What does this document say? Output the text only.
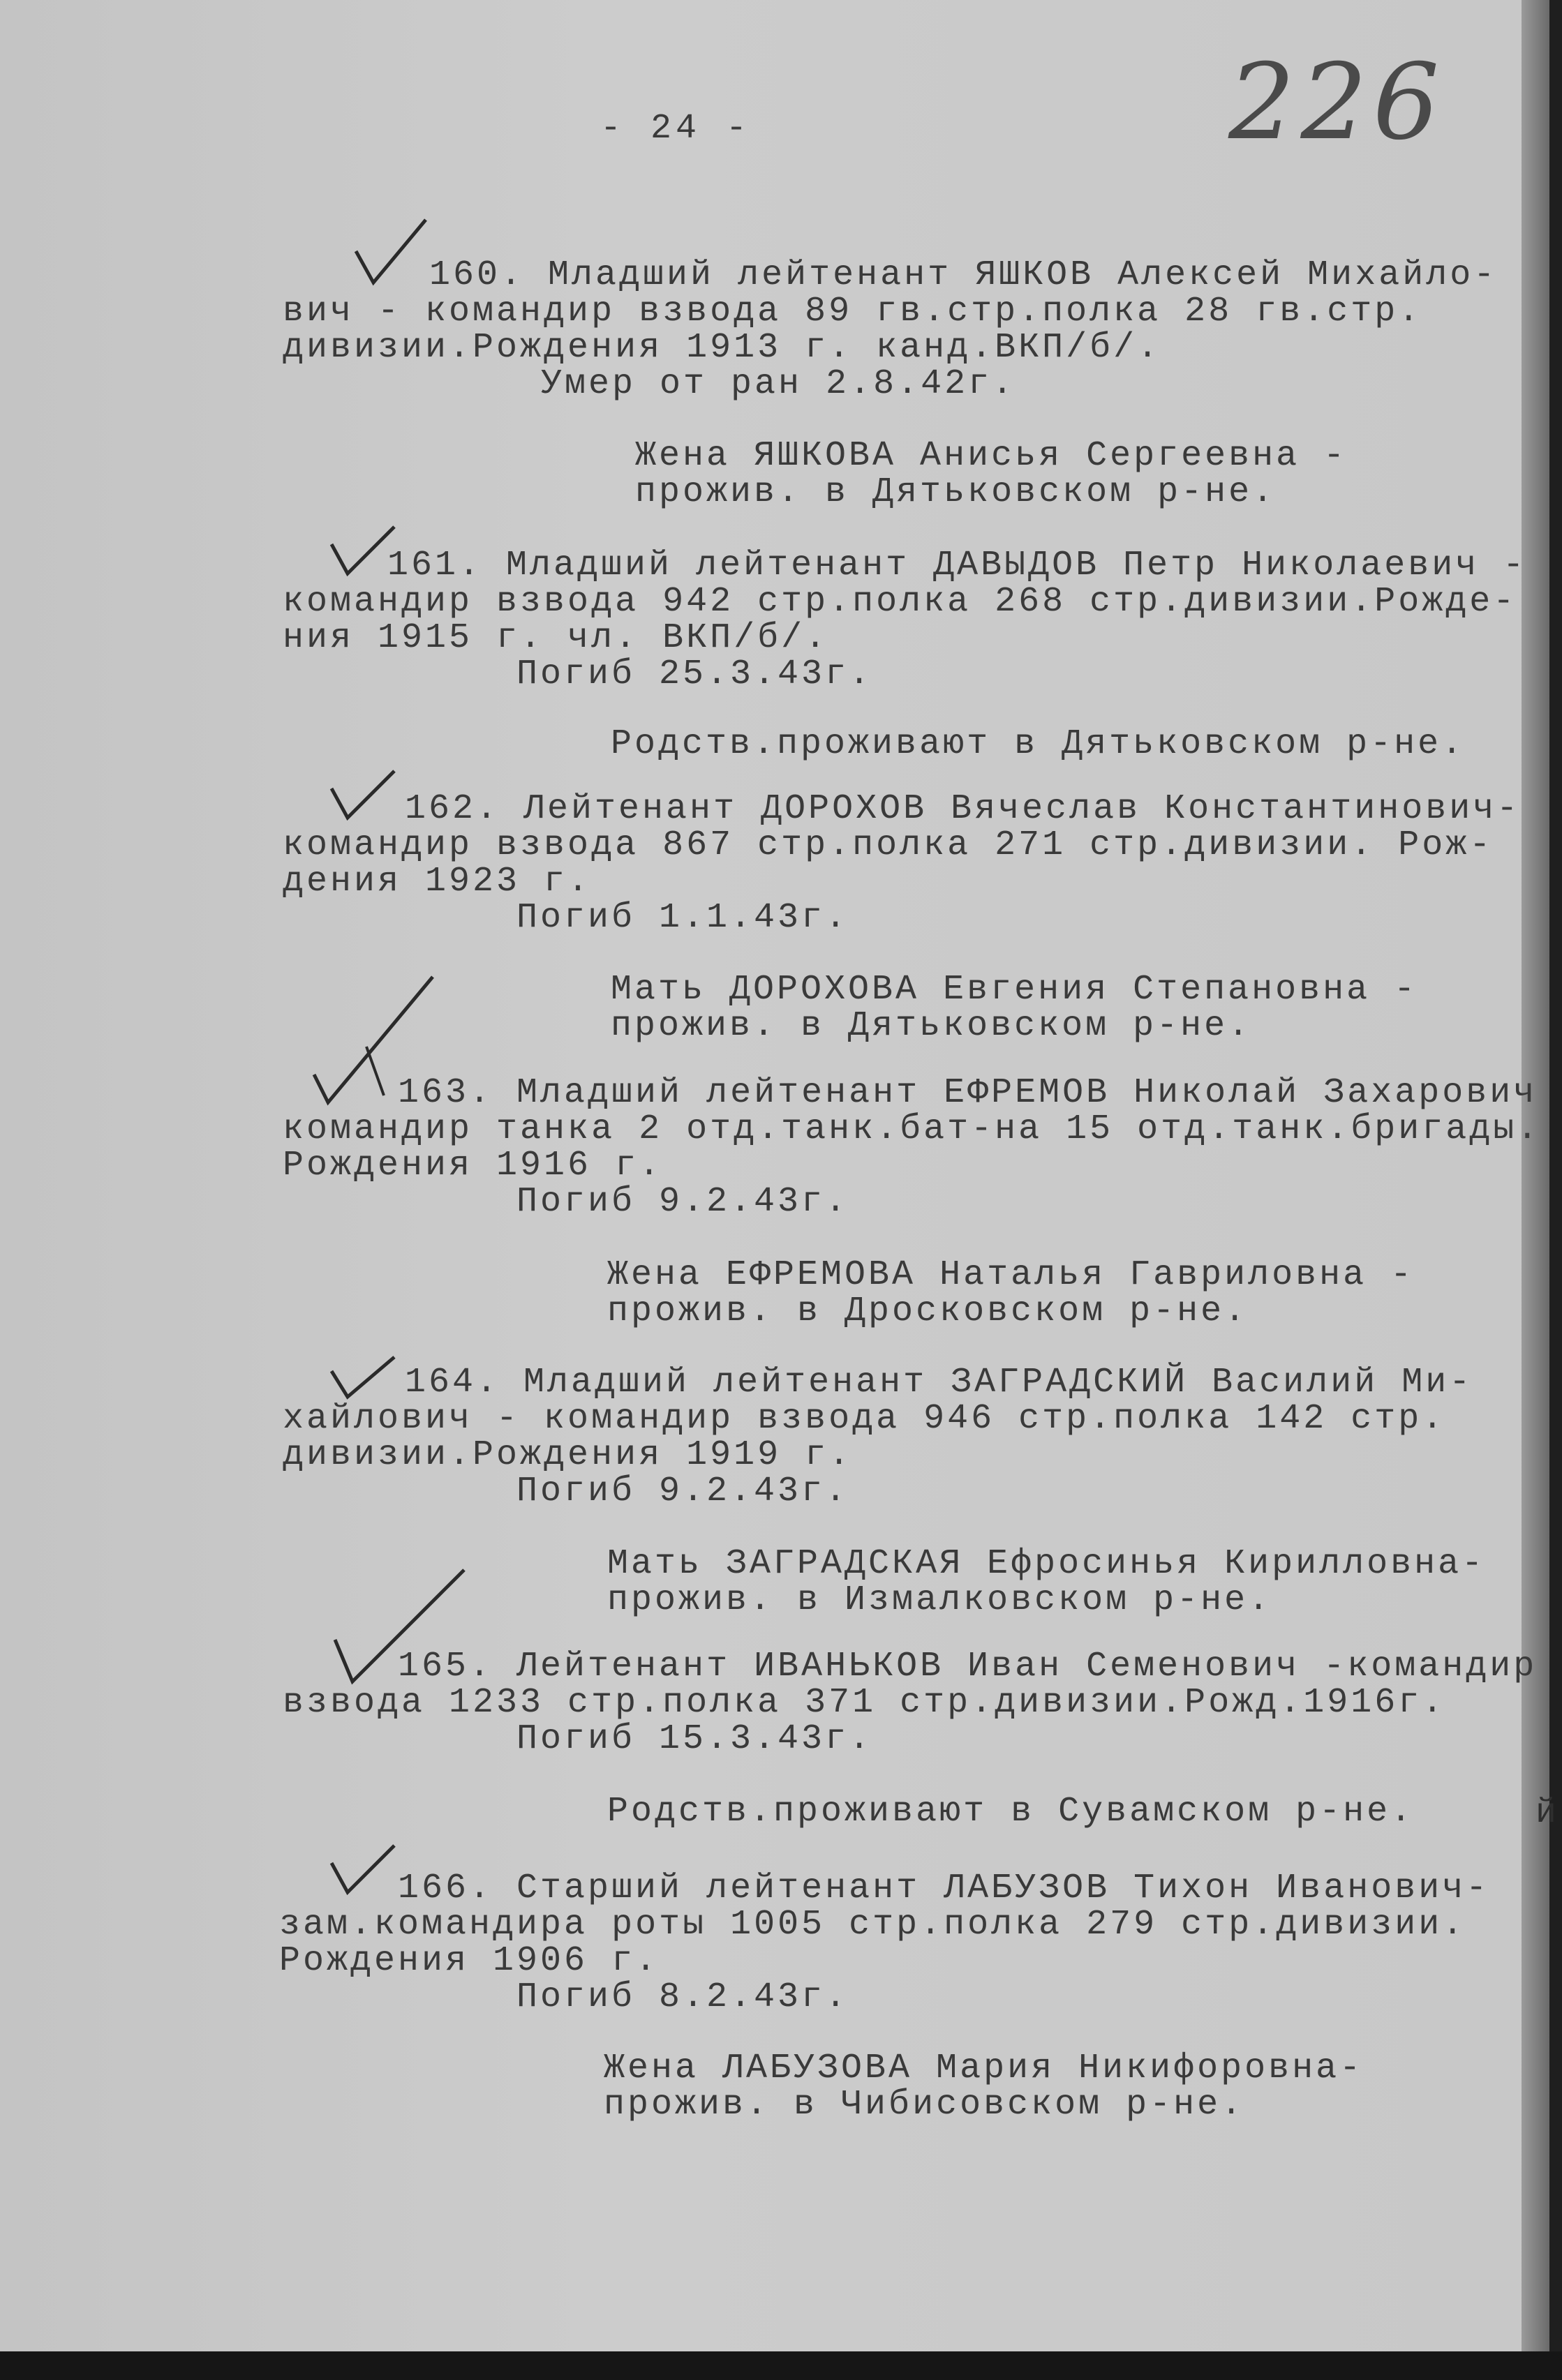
- 24 -	226
160. Младший лейтенант ЯШКОВ Алексей Михайло-
вич - командир взвода 89 гв.стр.полка 28 гв.стр.
дивизии.Рождения 1913 г. канд.ВКП/б/.
Умер от ран 2.8.42г.
Жена ЯШКОВА Анисья Сергеевна -
прожив. в Дятьковском р-не.
161. Младший лейтенант ДАВЫДОВ Петр Николаевич -
командир взвода 942 стр.полка 268 стр.дивизии.Рожде-
ния 1915 г. чл. ВКП/б/.
Погиб 25.3.43г.
Родств.проживают в Дятьковском р-не.
162. Лейтенант ДОРОХОВ Вячеслав Константинович-
командир взвода 867 стр.полка 271 стр.дивизии. Рож-
дения 1923 г.
Погиб 1.1.43г.
Мать ДОРОХОВА Евгения Степановна -
прожив. в Дятьковском р-не.
163. Младший лейтенант ЕФРЕМОВ Николай Захарович
командир танка 2 отд.танк.бат-на 15 отд.танк.бригады.
Рождения 1916 г.
Погиб 9.2.43г.
Жена ЕФРЕМОВА Наталья Гавриловна -
прожив. в Дросковском р-не.
164. Младший лейтенант ЗАГРАДСКИЙ Василий Ми-
хайлович - командир взвода 946 стр.полка 142 стр.
дивизии.Рождения 1919 г.
Погиб 9.2.43г.
Мать ЗАГРАДСКАЯ Ефросинья Кирилловна-
прожив. в Измалковском р-не.
165. Лейтенант ИВАНЬКОВ Иван Семенович -командир
взвода 1233 стр.полка 371 стр.дивизии.Рожд.1916г.
Погиб 15.3.43г.
Родств.проживают в Сувамском р-не.
166. Старший лейтенант ЛАБУЗОВ Тихон Иванович-
зам.командира роты 1005 стр.полка 279 стр.дивизии.
Рождения 1906 г.
Погиб 8.2.43г.
Жена ЛАБУЗОВА Мария Никифоровна-
прожив. в Чибисовском р-не.
й
